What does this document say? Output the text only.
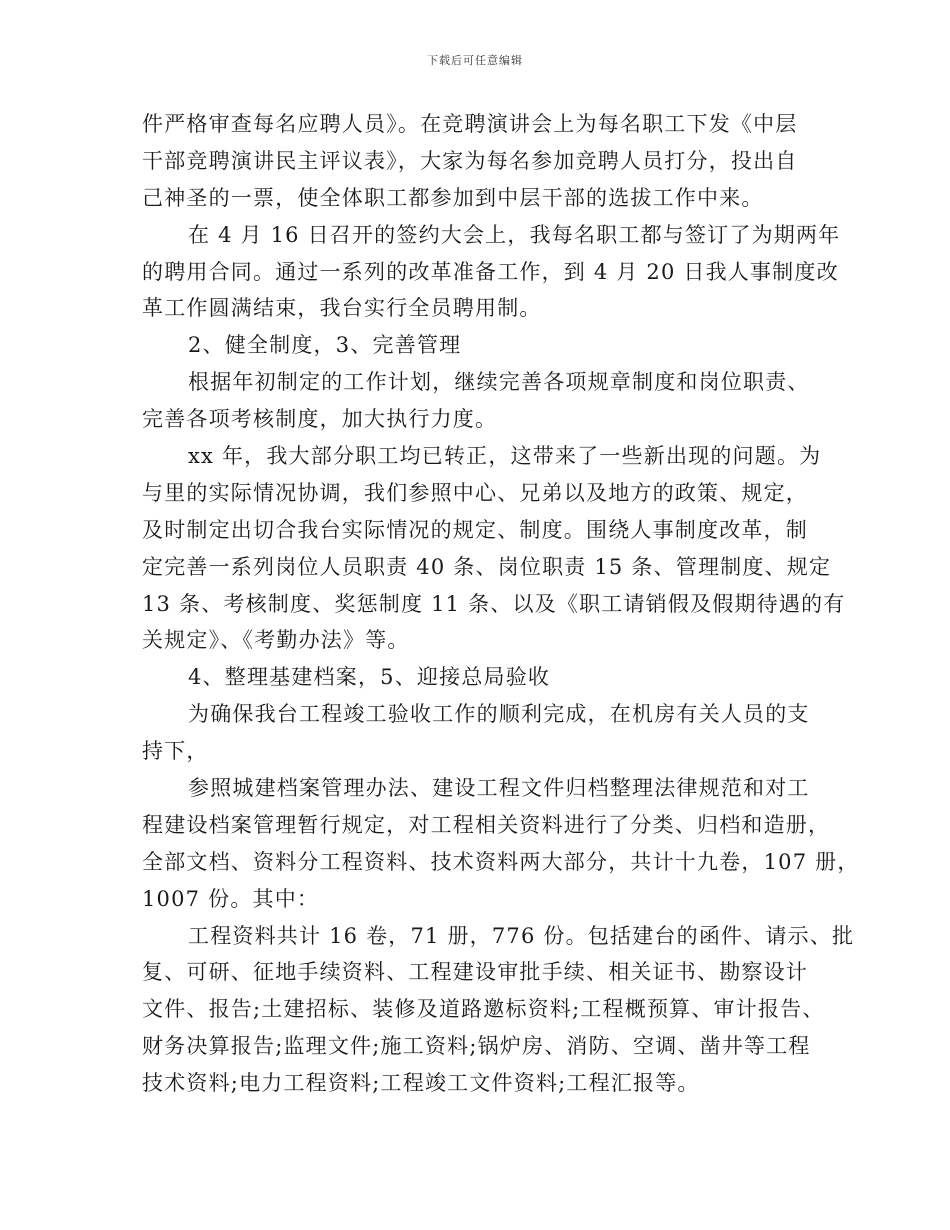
下载后可任意编辑
件严格审查每名应聘人员》。在竞聘演讲会上为每名职工下发《中层
干部竞聘演讲民主评议表》，大家为每名参加竞聘人员打分，投出自
己神圣的一票，使全体职工都参加到中层干部的选拔工作中来。
在 4 月 16 日召开的签约大会上，我每名职工都与签订了为期两年
的聘用合同。通过一系列的改革准备工作，到 4 月 20 日我人事制度改
革工作圆满结束，我台实行全员聘用制。
2、健全制度，3、完善管理
根据年初制定的工作计划，继续完善各项规章制度和岗位职责、
完善各项考核制度，加大执行力度。
xx 年，我大部分职工均已转正，这带来了一些新出现的问题。为
与里的实际情况协调，我们参照中心、兄弟以及地方的政策、规定，
及时制定出切合我台实际情况的规定、制度。围绕人事制度改革，制
定完善一系列岗位人员职责 40 条、岗位职责 15 条、管理制度、规定
13 条、考核制度、奖惩制度 11 条、以及《职工请销假及假期待遇的有
关规定》、《考勤办法》等。
4、整理基建档案，5、迎接总局验收
为确保我台工程竣工验收工作的顺利完成，在机房有关人员的支
持下，
参照城建档案管理办法、建设工程文件归档整理法律规范和对工
程建设档案管理暂行规定，对工程相关资料进行了分类、归档和造册，
全部文档、资料分工程资料、技术资料两大部分，共计十九卷，107 册，
1007 份。其中：
工程资料共计 16 卷，71 册，776 份。包括建台的函件、请示、批
复、可研、征地手续资料、工程建设审批手续、相关证书、勘察设计
文件、报告;土建招标、装修及道路邀标资料;工程概预算、审计报告、
财务决算报告;监理文件;施工资料;锅炉房、消防、空调、凿井等工程
技术资料;电力工程资料;工程竣工文件资料;工程汇报等。
